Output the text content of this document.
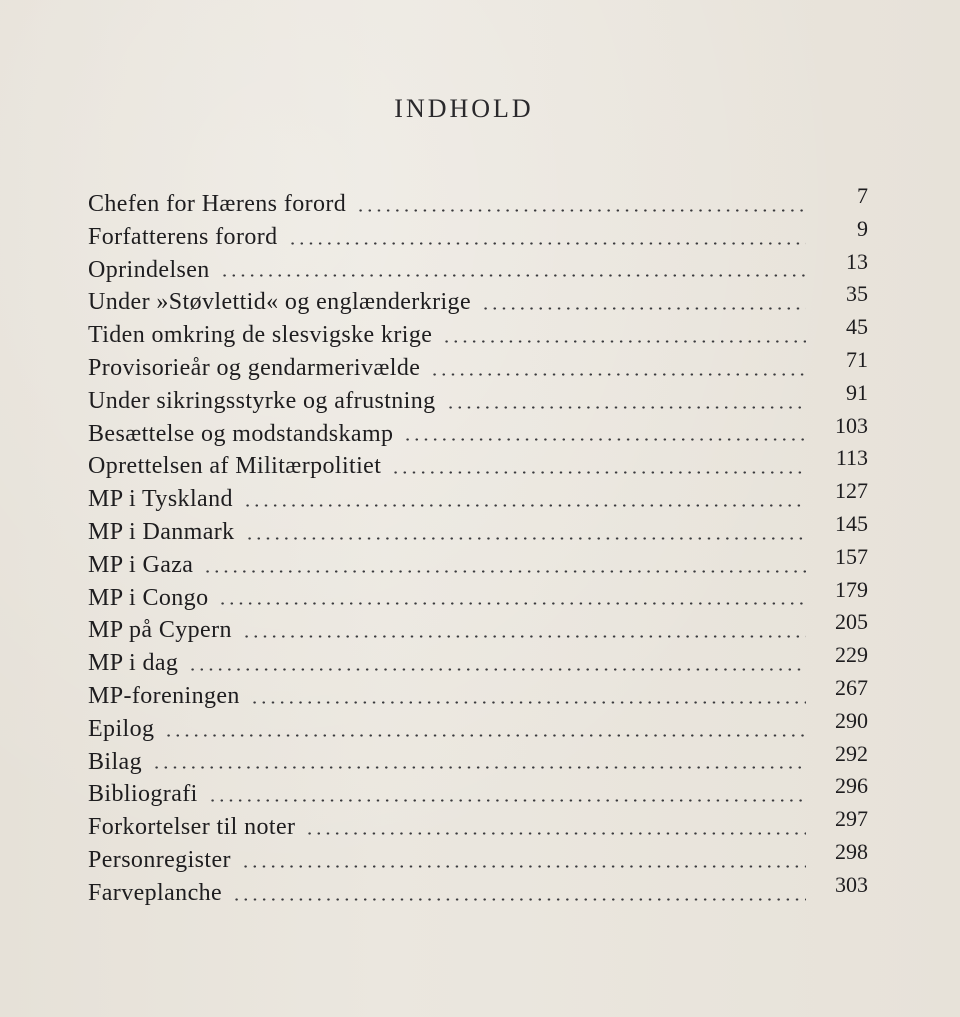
INDHOLD
Chefen for Hærens forord	7
Forfatterens forord	9
Oprindelsen	13
Under »Støvlettid« og englænderkrige	35
Tiden omkring de slesvigske krige	45
Provisorieår og gendarmerivælde	71
Under sikringsstyrke og afrustning	91
Besættelse og modstandskamp	103
Oprettelsen af Militærpolitiet	113
MP i Tyskland	127
MP i Danmark	145
MP i Gaza	157
MP i Congo	179
MP på Cypern	205
MP i dag	229
MP-foreningen	267
Epilog	290
Bilag	292
Bibliografi	296
Forkortelser til noter	297
Personregister	298
Farveplanche	303
